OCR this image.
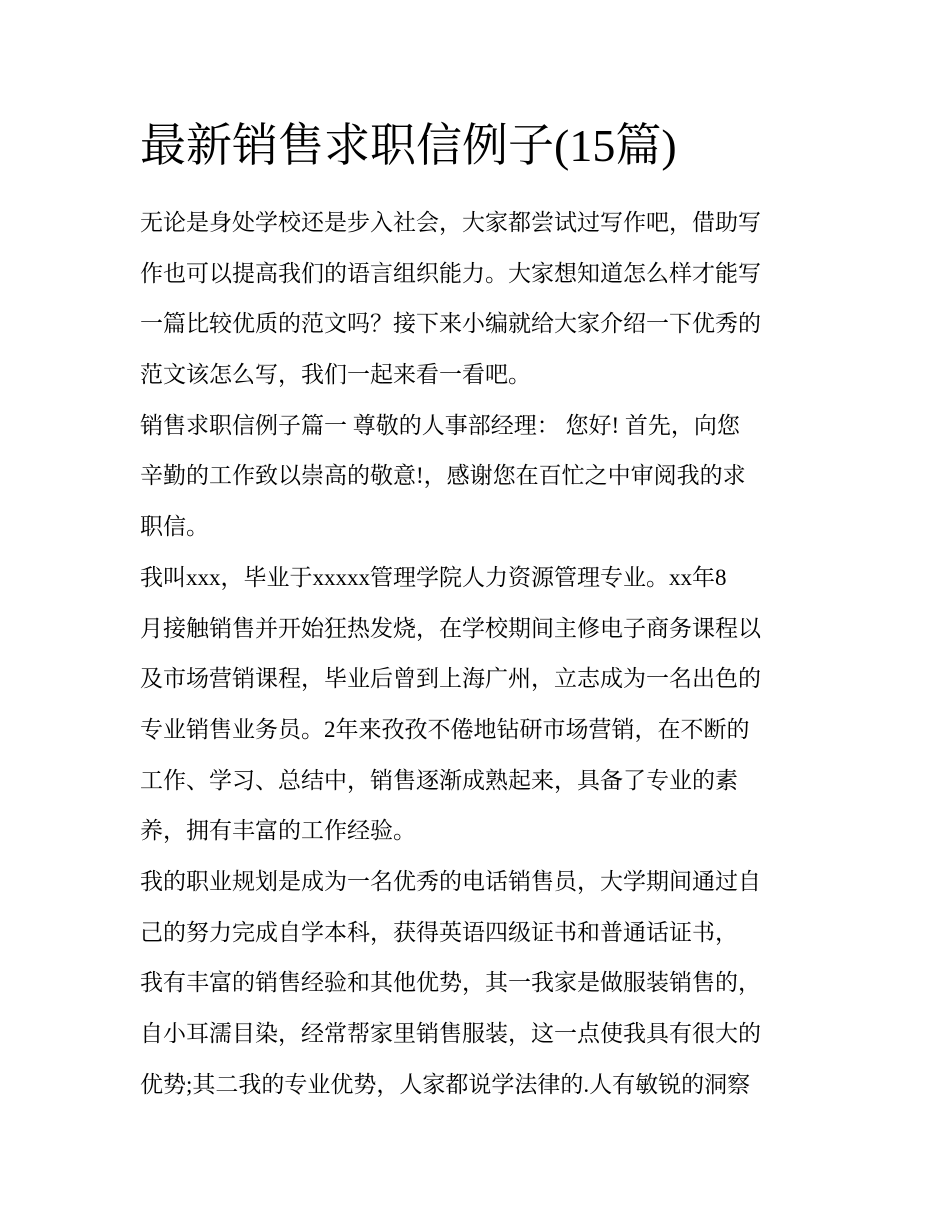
最新销售求职信例子(15篇)

无论是身处学校还是步入社会，大家都尝试过写作吧，借助写
作也可以提高我们的语言组织能力。大家想知道怎么样才能写
一篇比较优质的范文吗？接下来小编就给大家介绍一下优秀的
范文该怎么写，我们一起来看一看吧。

销售求职信例子篇一 尊敬的人事部经理： 您好! 首先，向您
辛勤的工作致以崇高的敬意!，感谢您在百忙之中审阅我的求
职信。

我叫xxx，毕业于xxxxx管理学院人力资源管理专业。xx年8
月接触销售并开始狂热发烧，在学校期间主修电子商务课程以
及市场营销课程，毕业后曾到上海广州，立志成为一名出色的
专业销售业务员。2年来孜孜不倦地钻研市场营销，在不断的
工作、学习、总结中，销售逐渐成熟起来，具备了专业的素
养，拥有丰富的工作经验。

我的职业规划是成为一名优秀的电话销售员，大学期间通过自
己的努力完成自学本科，获得英语四级证书和普通话证书，

我有丰富的销售经验和其他优势，其一我家是做服装销售的，
自小耳濡目染，经常帮家里销售服装，这一点使我具有很大的
优势;其二我的专业优势，人家都说学法律的.人有敏锐的洞察
